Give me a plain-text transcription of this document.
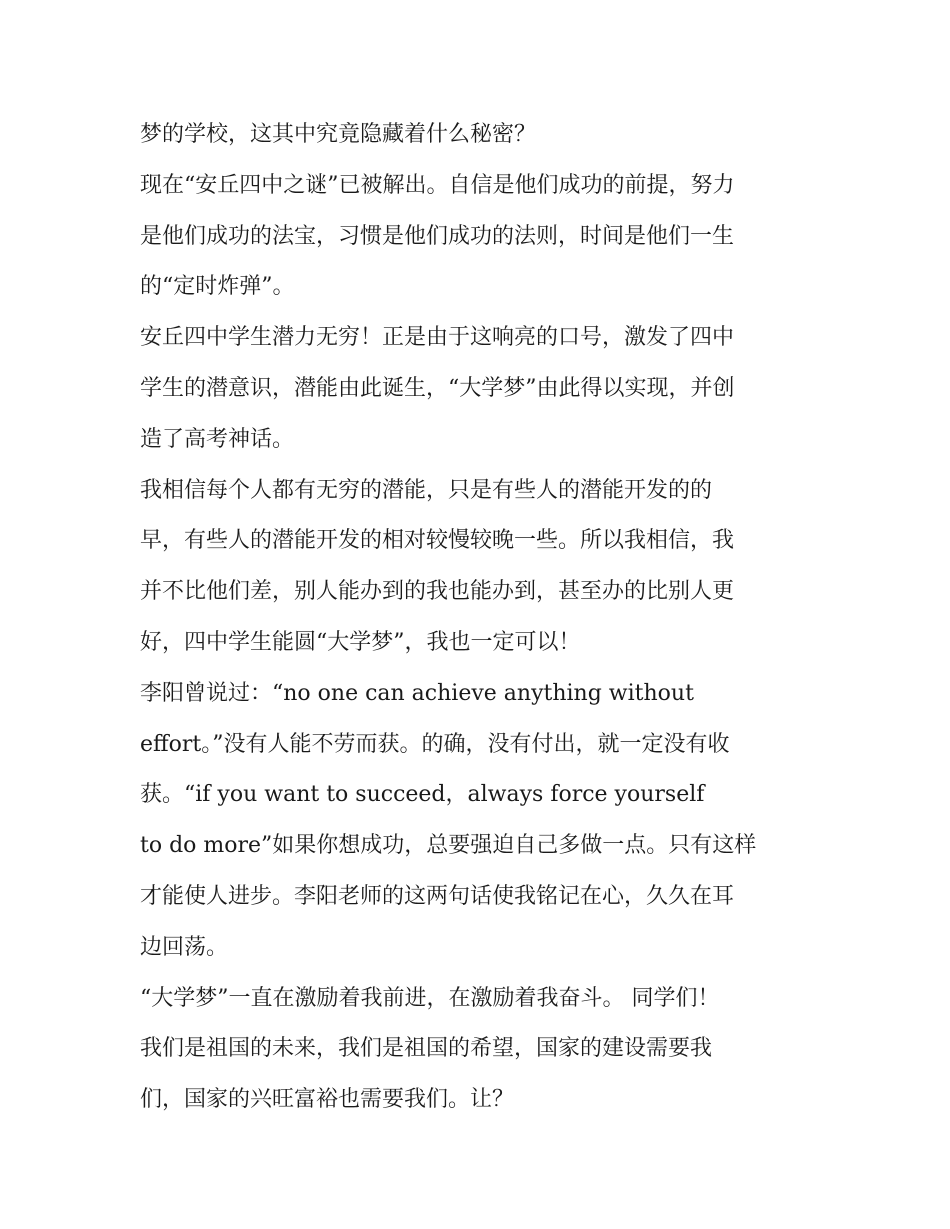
梦的学校，这其中究竟隐藏着什么秘密？
现在“安丘四中之谜”已被解出。自信是他们成功的前提，努力
是他们成功的法宝，习惯是他们成功的法则，时间是他们一生
的“定时炸弹”。
安丘四中学生潜力无穷！正是由于这响亮的口号，激发了四中
学生的潜意识，潜能由此诞生，“大学梦”由此得以实现，并创
造了高考神话。
我相信每个人都有无穷的潜能，只是有些人的潜能开发的的
早，有些人的潜能开发的相对较慢较晚一些。所以我相信，我
并不比他们差，别人能办到的我也能办到，甚至办的比别人更
好，四中学生能圆“大学梦”，我也一定可以！
李阳曾说过：“no one can achieve anything without
effort。”没有人能不劳而获。的确，没有付出，就一定没有收
获。“if you want to succeed，always force yourself
to do more”如果你想成功，总要强迫自己多做一点。只有这样
才能使人进步。李阳老师的这两句话使我铭记在心，久久在耳
边回荡。
“大学梦”一直在激励着我前进，在激励着我奋斗。 同学们！
我们是祖国的未来，我们是祖国的希望，国家的建设需要我
们，国家的兴旺富裕也需要我们。让？
